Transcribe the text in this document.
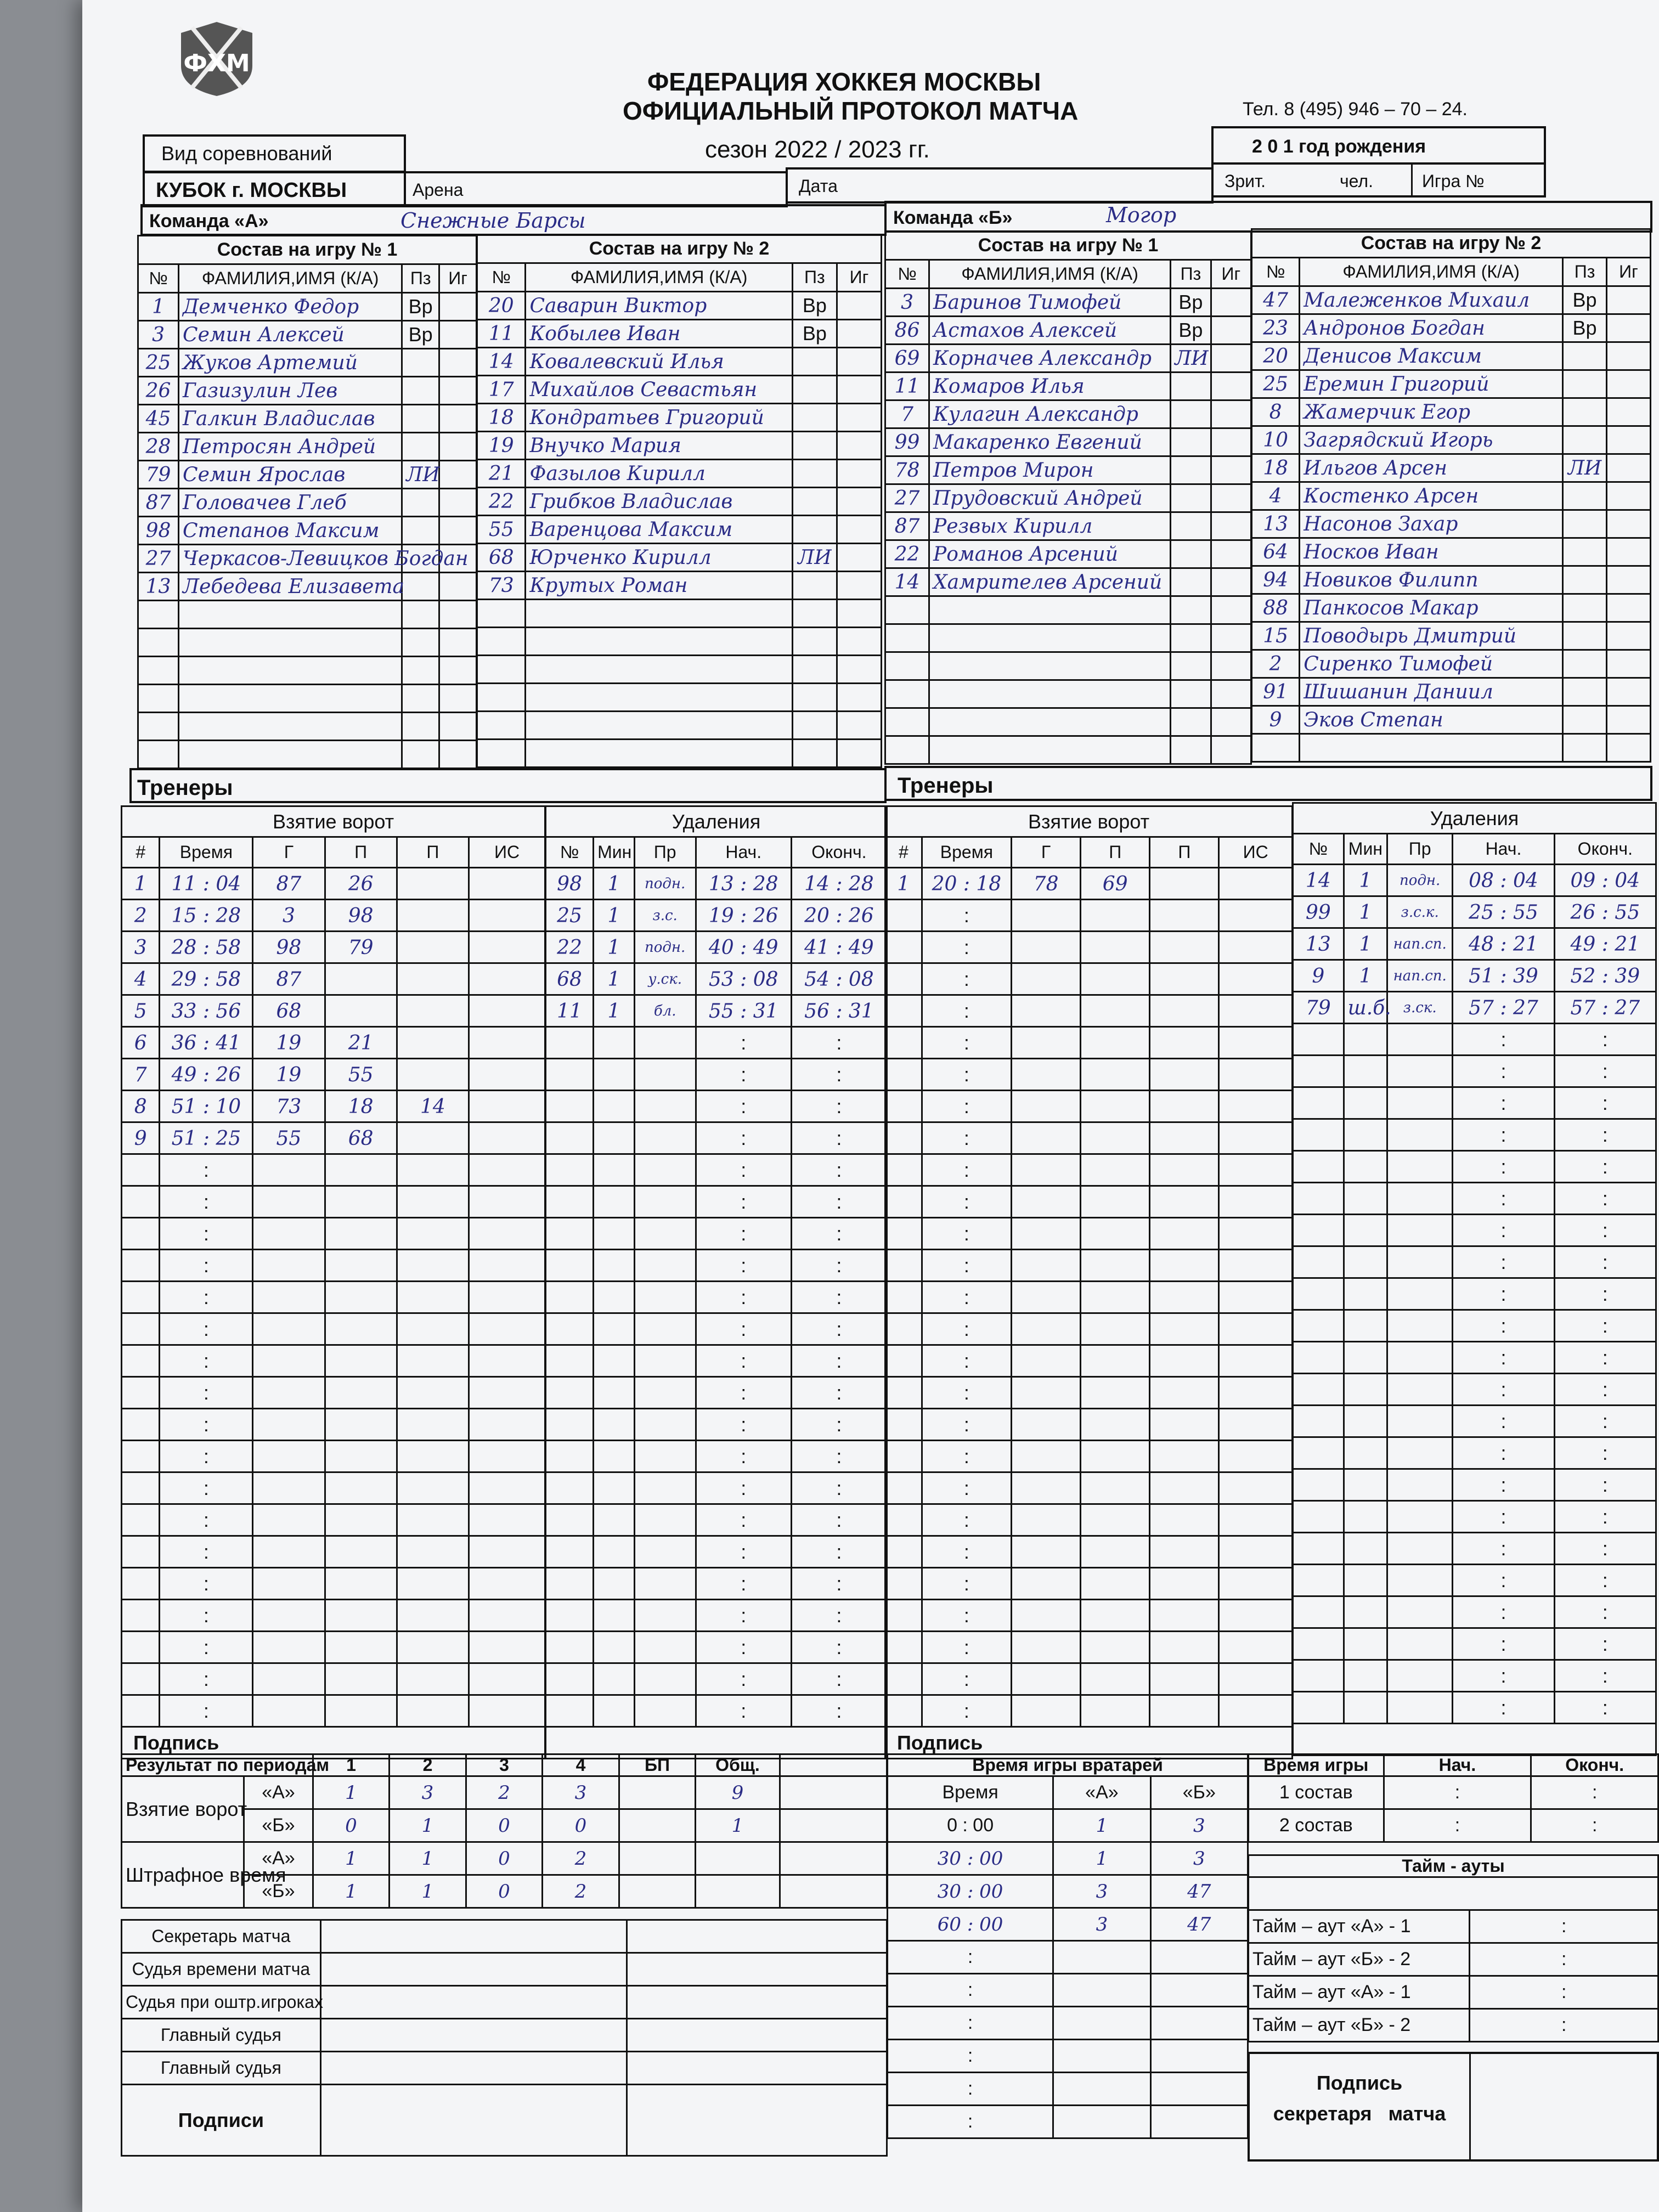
ФХМ
ФЕДЕРАЦИЯ ХОККЕЯ МОСКВЫ
ОФИЦИАЛЬНЫЙ ПРОТОКОЛ МАТЧА	Тел. 8 (495) 946 – 70 – 24.
сезон 2022 / 2023 гг.
Вид соревнований
КУБОК г. МОСКВЫ	Арена	Дата
2 0 1 год рождения
Зрит.	чел.	Игра №
Команда «А»	Снежные Барсы	Команда «Б»	Могор
Состав на игру № 1			
№	ФАМИЛИЯ,ИМЯ (К/А)	Пз	Иг
1	Демченко Федор	Вр	
3	Семин Алексей	Вр	
25	Жуков Артемий		
26	Газизулин Лев		
45	Галкин Владислав		
28	Петросян Андрей		
79	Семин Ярослав	ЛИ	
87	Головачев Глеб		
98	Степанов Максим		
27	Черкасов-Левицков Богдан		
13	Лебедева Елизавета		

Состав на игру № 2			
№	ФАМИЛИЯ,ИМЯ (К/А)	Пз	Иг
20	Саварин Виктор	Вр	
11	Кобылев Иван	Вр	
14	Ковалевский Илья		
17	Михайлов Севастьян		
18	Кондратьев Григорий		
19	Внучко Мария		
21	Фазылов Кирилл		
22	Грибков Владислав		
55	Варенцова Максим		
68	Юрченко Кирилл	ЛИ	
73	Крутых Роман		

Состав на игру № 1			
№	ФАМИЛИЯ,ИМЯ (К/А)	Пз	Иг
3	Баринов Тимофей	Вр	
86	Астахов Алексей	Вр	
69	Корначев Александр	ЛИ	
11	Комаров Илья		
7	Кулагин Александр		
99	Макаренко Евгений		
78	Петров Мирон		
27	Прудовский Андрей		
87	Резвых Кирилл		
22	Романов Арсений		
14	Хамрителев Арсений		

Состав на игру № 2			
№	ФАМИЛИЯ,ИМЯ (К/А)	Пз	Иг
47	Малеженков Михаил	Вр	
23	Андронов Богдан	Вр	
20	Денисов Максим		
25	Еремин Григорий		
8	Жамерчик Егор		
10	Загрядский Игорь		
18	Ильгов Арсен	ЛИ	
4	Костенко Арсен		
13	Насонов Захар		
64	Носков Иван		
94	Новиков Филипп		
88	Панкосов Макар		
15	Поводырь Дмитрий		
2	Сиренко Тимофей		
91	Шишанин Даниил		
9	Эков Степан		

Тренеры	Тренеры
Взятие ворот					
#	Время	Г	П	П	ИС
1	11 : 04	87	26		
2	15 : 28	3	98		
3	28 : 58	98	79		
4	29 : 58	87			
5	33 : 56	68			
6	36 : 41	19	21		
7	49 : 26	19	55		
8	51 : 10	73	18	14	
9	51 : 25	55	68		
	:				
	:				
	:				
	:				
	:				
	:				
	:				
	:				
	:				
	:				
	:				
	:				
	:				
	:				
	:				
	:				
	:				
	:				
Подпись					
Удаления				
№	Мин	Пр	Нач.	Оконч.
98	1	подн.	13 : 28	14 : 28
25	1	з.с.	19 : 26	20 : 26
22	1	подн.	40 : 49	41 : 49
68	1	у.ск.	53 : 08	54 : 08
11	1	бл.	55 : 31	56 : 31
			:	:
			:	:
			:	:
			:	:
			:	:
			:	:
			:	:
			:	:
			:	:
			:	:
			:	:
			:	:
			:	:
			:	:
			:	:
			:	:
			:	:
			:	:
			:	:
			:	:
			:	:
			:	:

Взятие ворот					
#	Время	Г	П	П	ИС
1	20 : 18	78	69		
	:				
	:				
	:				
	:				
	:				
	:				
	:				
	:				
	:				
	:				
	:				
	:				
	:				
	:				
	:				
	:				
	:				
	:				
	:				
	:				
	:				
	:				
	:				
	:				
	:				
	:				
Подпись					
Удаления				
№	Мин	Пр	Нач.	Оконч.
14	1	подн.	08 : 04	09 : 04
99	1	з.с.к.	25 : 55	26 : 55
13	1	нап.сп.	48 : 21	49 : 21
9	1	нап.сп.	51 : 39	52 : 39
79	ш.б.	з.ск.	57 : 27	57 : 27
			:	:
			:	:
			:	:
			:	:
			:	:
			:	:
			:	:
			:	:
			:	:
			:	:
			:	:
			:	:
			:	:
			:	:
			:	:
			:	:
			:	:
			:	:
			:	:
			:	:
			:	:
			:	:

Результат по периодам		1	2	3	4	БП	Общ.	
Взятие ворот	«А»	1	3	2	3		9	
	«Б»	0	1	0	0		1	
Штрафное время	«А»	1	1	0	2			
	«Б»	1	1	0	2			
Секретарь матча		
Судья времени матча		
Судья при оштр.игроках		
Главный судья		
Главный судья		
Подписи		
Время игры вратарей		
Время	«А»	«Б»
0 : 00	1	3
30 : 00	1	3
30 : 00	3	47
60 : 00	3	47
:		
:		
:		
:		
:		
:		
Время игры	Нач.	Оконч.
1 состав	:	:
2 состав	:	:
Тайм - ауты	

Тайм – аут «А» - 1	:
Тайм – аут «Б» - 2	:
Тайм – аут «А» - 1	:
Тайм – аут «Б» - 2	:
Подпись
секретаря   матча
